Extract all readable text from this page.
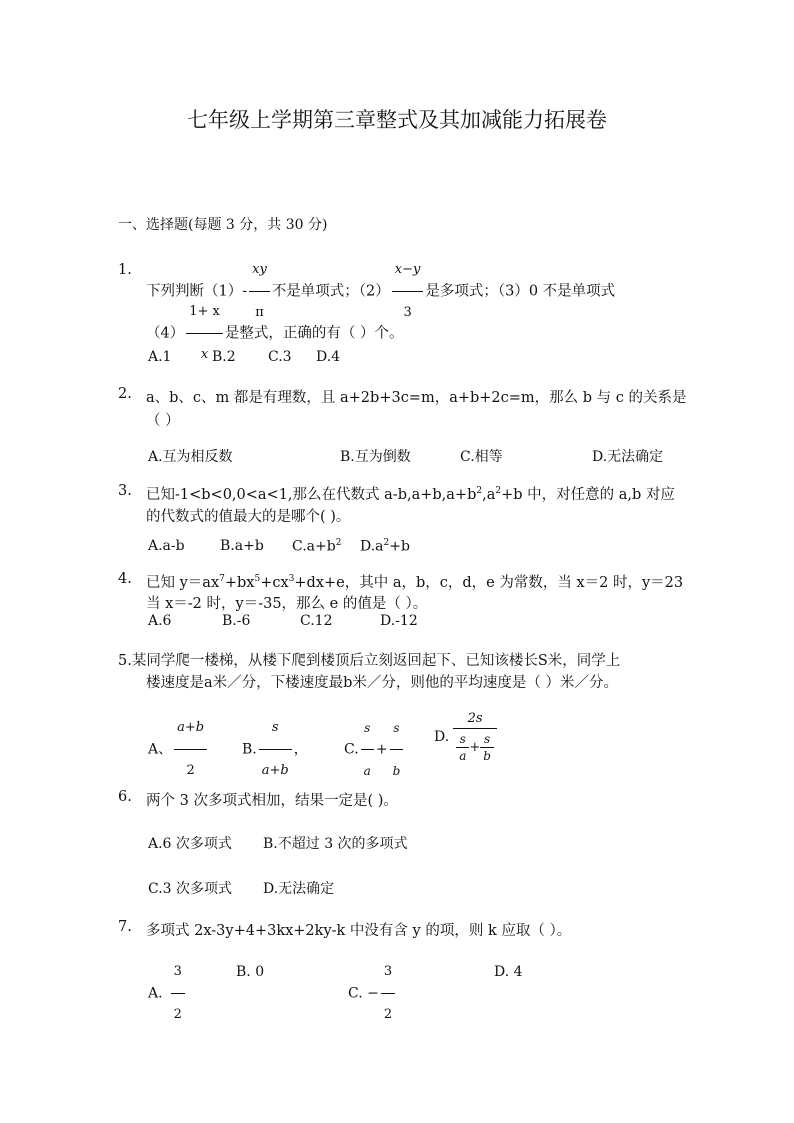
七年级上学期第三章整式及其加减能力拓展卷
一、选择题(每题 3 分，共 30 分)
1.
下列判断$(1)- \frac{xy}{\pi}$ 不是单项式；$(2) \frac{x-y}{3}$ 是多项式；（3）0 不是单项式
$(4) \frac{1+ x}{x}$ 是整式，正确的有（ ）个。
A.1	B.2 C.3 D.4
2. a、b、c、m 都是有理数，且 a+2b+3c=m，a+b+2c=m，那么 b 与 c 的关系是
（ ）
A.互为相反数	B.互为倒数	C.相等	D.无法确定
3. 已知-1<b<0,0<a<1,那么在代数式 $a-b,a+b,a+b^2,a^2+b$ 中，对任意的 a,b 对应
的代数式的值最大的是哪个( )。
A.a-b	B.a+b $C.a+b^2$ $D.a^2+b$
4. 已知 $y=ax^7+bx^5+cx^3+dx+e$，其中 a，b，c，d，e 为常数，当 x＝2 时，y＝23
当 x＝-2 时，y＝-35，那么 e 的值是（ ）。
A.6	B.-6	C.12	D.-12
5.某同学爬一楼梯，从楼下爬到楼顶后立刻返回起下、已知该楼长S米，同学上
楼速度是a米／分，下楼速度最b米／分，则他的平均速度是（ ）米／分。
A、 $\frac{a+b}{2} B$. $\frac{s}{a+b}$ ，	C. $\frac{s}{a} + \frac{s}{b} D$. $\frac{2s}{\frac{s}{a} + \frac{s}{b}}$
6. 两个 3 次多项式相加，结果一定是( )。
A.6 次多项式 B.不超过 3 次的多项式
C.3 次多项式 D.无法确定
7. 多项式 2x-3y+4+3kx+2ky-k 中没有含 y 的项，则 k 应取（ ）。
A. $\frac{3}{2}$	B. 0
C. − $\frac{3}{2}$	D. 4
